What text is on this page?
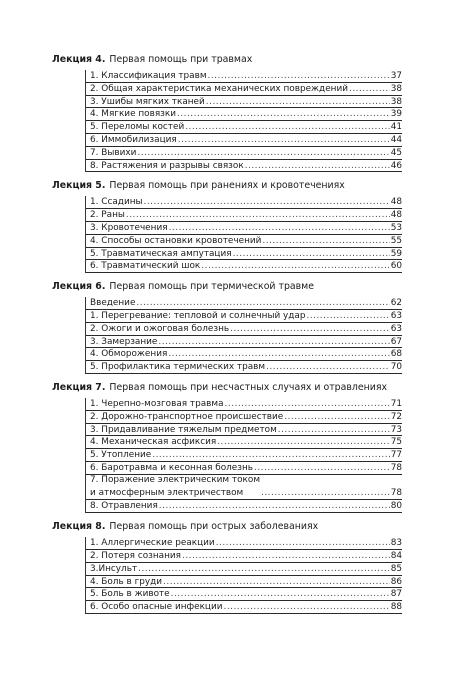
Лекция 4. Первая помощь при травмах
1. Классификация травм .....	37
2. Общая характеристика механических повреждений .....	38
3. Ушибы мягких тканей .....	38
4. Мягкие повязки .....	39
5. Переломы костей .....	41
6. Иммобилизация .....	44
7. Вывихи .....	45
8. Растяжения и разрывы связок .....	46
Лекция 5. Первая помощь при ранениях и кровотечениях
1. Ссадины .....	48
2. Раны .....	48
3. Кровотечения .....	53
4. Способы остановки кровотечений .....	55
5. Травматическая ампутация .....	59
6. Травматический шок .....	60
Лекция 6. Первая помощь при термической травме
Введение .....	62
1. Перегревание: тепловой и солнечный удар .....	63
2. Ожоги и ожоговая болезнь .....	63
3. Замерзание .....	67
4. Обморожения .....	68
5. Профилактика термических травм .....	70
Лекция 7. Первая помощь при несчастных случаях и отравлениях
1. Черепно-мозговая травма .....	71
2. Дорожно-транспортное происшествие .....	72
3. Придавливание тяжелым предметом .....	73
4. Механическая асфиксия .....	75
5. Утопление .....	77
6. Баротравма и кесонная болезнь .....	78
7. Поражение электрическим током
и атмосферным электричеством .....	78
8. Отравления .....	80
Лекция 8. Первая помощь при острых заболеваниях
1. Аллергические реакции .....	83
2. Потеря сознания .....	84
3.Инсульт .....	85
4. Боль в груди .....	86
5. Боль в животе .....	87
6. Особо опасные инфекции .....	88
